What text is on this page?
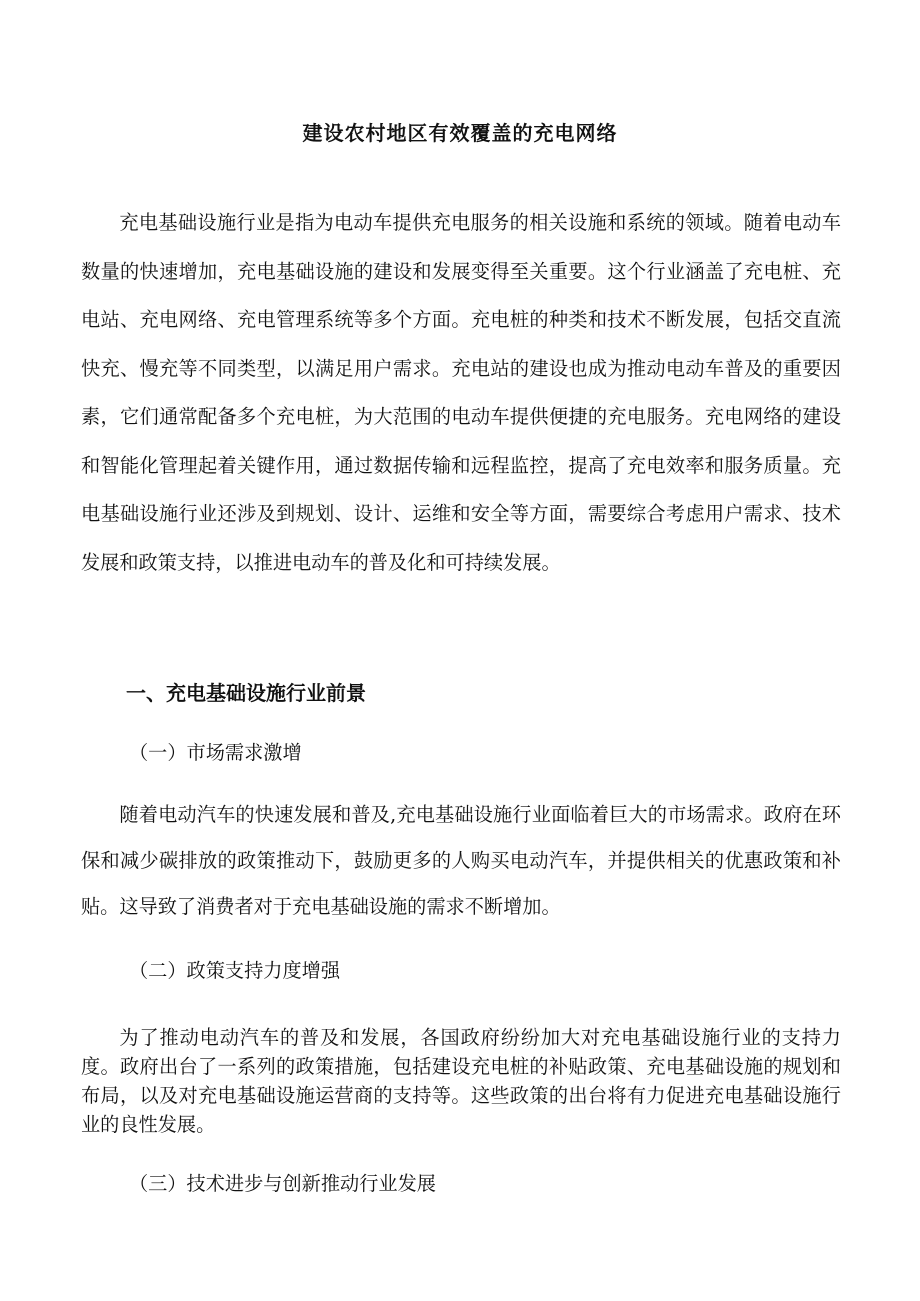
建设农村地区有效覆盖的充电网络

充电基础设施行业是指为电动车提供充电服务的相关设施和系统的领域。随着电动车数量的快速增加，充电基础设施的建设和发展变得至关重要。这个行业涵盖了充电桩、充电站、充电网络、充电管理系统等多个方面。充电桩的种类和技术不断发展，包括交直流快充、慢充等不同类型，以满足用户需求。充电站的建设也成为推动电动车普及的重要因素，它们通常配备多个充电桩，为大范围的电动车提供便捷的充电服务。充电网络的建设和智能化管理起着关键作用，通过数据传输和远程监控，提高了充电效率和服务质量。充电基础设施行业还涉及到规划、设计、运维和安全等方面，需要综合考虑用户需求、技术发展和政策支持，以推进电动车的普及化和可持续发展。

一、充电基础设施行业前景

（一）市场需求激增

随着电动汽车的快速发展和普及,充电基础设施行业面临着巨大的市场需求。政府在环保和减少碳排放的政策推动下，鼓励更多的人购买电动汽车，并提供相关的优惠政策和补贴。这导致了消费者对于充电基础设施的需求不断增加。

（二）政策支持力度增强

为了推动电动汽车的普及和发展，各国政府纷纷加大对充电基础设施行业的支持力度。政府出台了一系列的政策措施，包括建设充电桩的补贴政策、充电基础设施的规划和布局，以及对充电基础设施运营商的支持等。这些政策的出台将有力促进充电基础设施行业的良性发展。

（三）技术进步与创新推动行业发展
